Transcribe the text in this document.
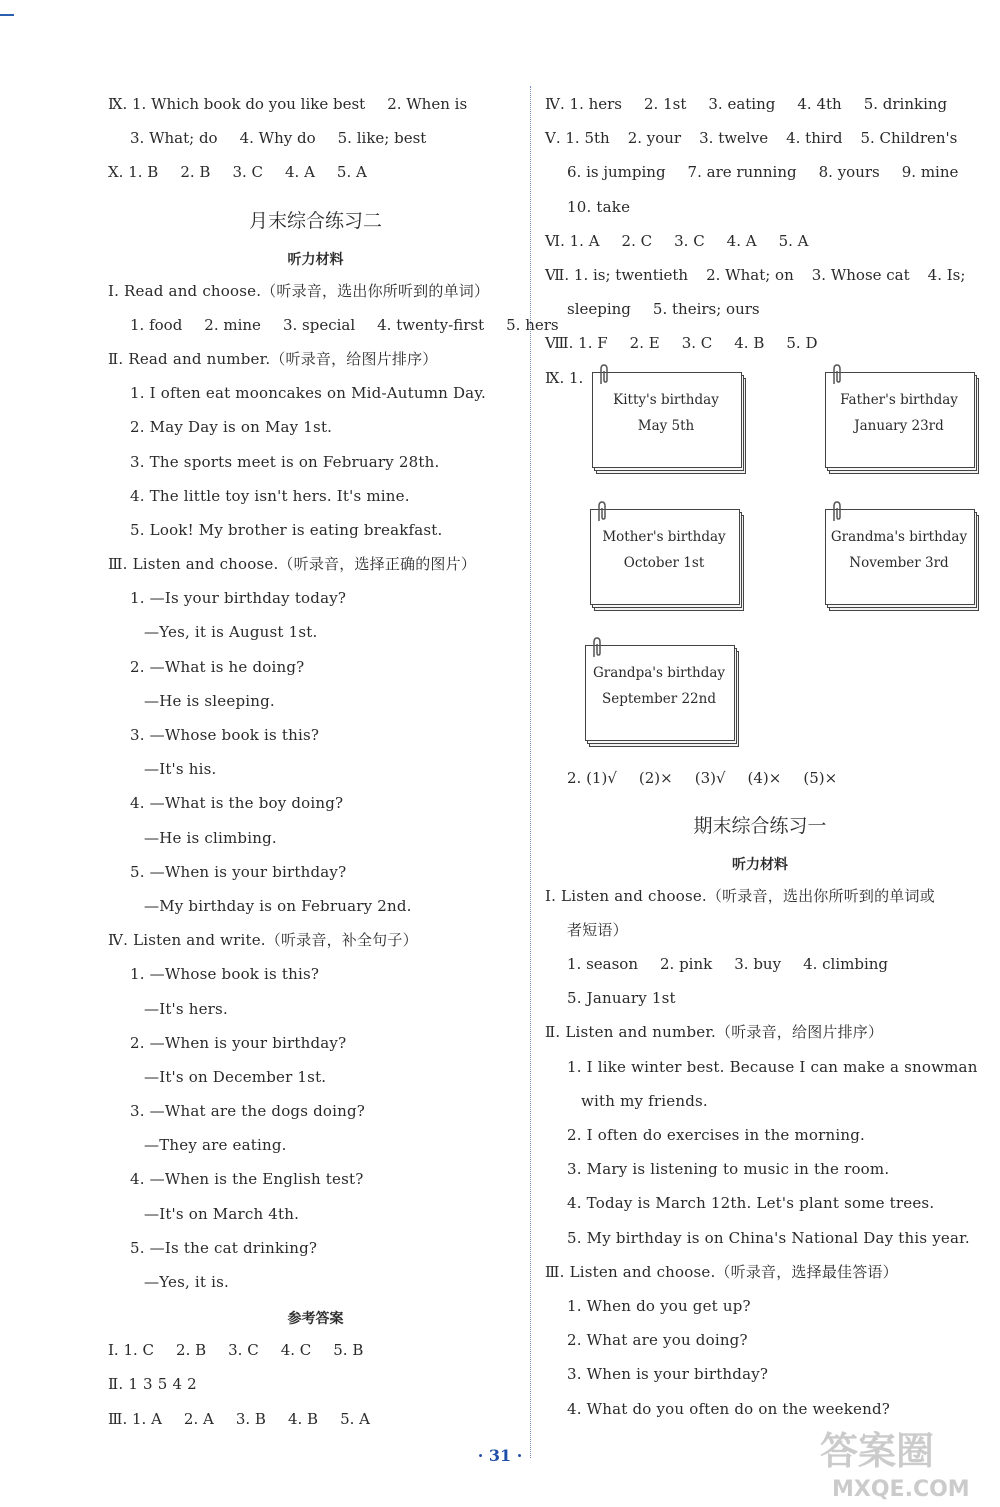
Ⅸ. 1. Which book do you like best 2. When is
3. What; do 4. Why do 5. like; best
Ⅹ. 1. B 2. B 3. C 4. A 5. A
月末综合练习二
听力材料
Ⅰ. Read and choose.（听录音，选出你所听到的单词）
1. food 2. mine 3. special 4. twenty-first 5. hers
Ⅱ. Read and number.（听录音，给图片排序）
1. I often eat mooncakes on Mid-Autumn Day.
2. May Day is on May 1st.
3. The sports meet is on February 28th.
4. The little toy isn't hers. It's mine.
5. Look! My brother is eating breakfast.
Ⅲ. Listen and choose.（听录音，选择正确的图片）
1. —Is your birthday today?
—Yes, it is August 1st.
2. —What is he doing?
—He is sleeping.
3. —Whose book is this?
—It's his.
4. —What is the boy doing?
—He is climbing.
5. —When is your birthday?
—My birthday is on February 2nd.
Ⅳ. Listen and write.（听录音，补全句子）
1. —Whose book is this?
—It's hers.
2. —When is your birthday?
—It's on December 1st.
3. —What are the dogs doing?
—They are eating.
4. —When is the English test?
—It's on March 4th.
5. —Is the cat drinking?
—Yes, it is.
参考答案
Ⅰ. 1. C 2. B 3. C 4. C 5. B
Ⅱ. 1 3 5 4 2
Ⅲ. 1. A 2. A 3. B 4. B 5. A
Ⅳ. 1. hers 2. 1st 3. eating 4. 4th 5. drinking
Ⅴ. 1. 5th 2. your 3. twelve 4. third 5. Children's
6. is jumping 7. are running 8. yours 9. mine
10. take
Ⅵ. 1. A 2. C 3. C 4. A 5. A
Ⅶ. 1. is; twentieth 2. What; on 3. Whose cat 4. Is;
sleeping 5. theirs; ours
Ⅷ. 1. F 2. E 3. C 4. B 5. D
Ⅸ. 1.
Kitty's birthday
May 5th
Father's birthday
January 23rd
Mother's birthday
October 1st
Grandma's birthday
November 3rd
Grandpa's birthday
September 22nd
2. (1)√ (2)× (3)√ (4)× (5)×
期末综合练习一
听力材料
Ⅰ. Listen and choose.（听录音，选出你所听到的单词或
者短语）
1. season 2. pink 3. buy 4. climbing
5. January 1st
Ⅱ. Listen and number.（听录音，给图片排序）
1. I like winter best. Because I can make a snowman
with my friends.
2. I often do exercises in the morning.
3. Mary is listening to music in the room.
4. Today is March 12th. Let's plant some trees.
5. My birthday is on China's National Day this year.
Ⅲ. Listen and choose.（听录音，选择最佳答语）
1. When do you get up?
2. What are you doing?
3. When is your birthday?
4. What do you often do on the weekend?
· 31 ·	答案圈
MXQE.COM
